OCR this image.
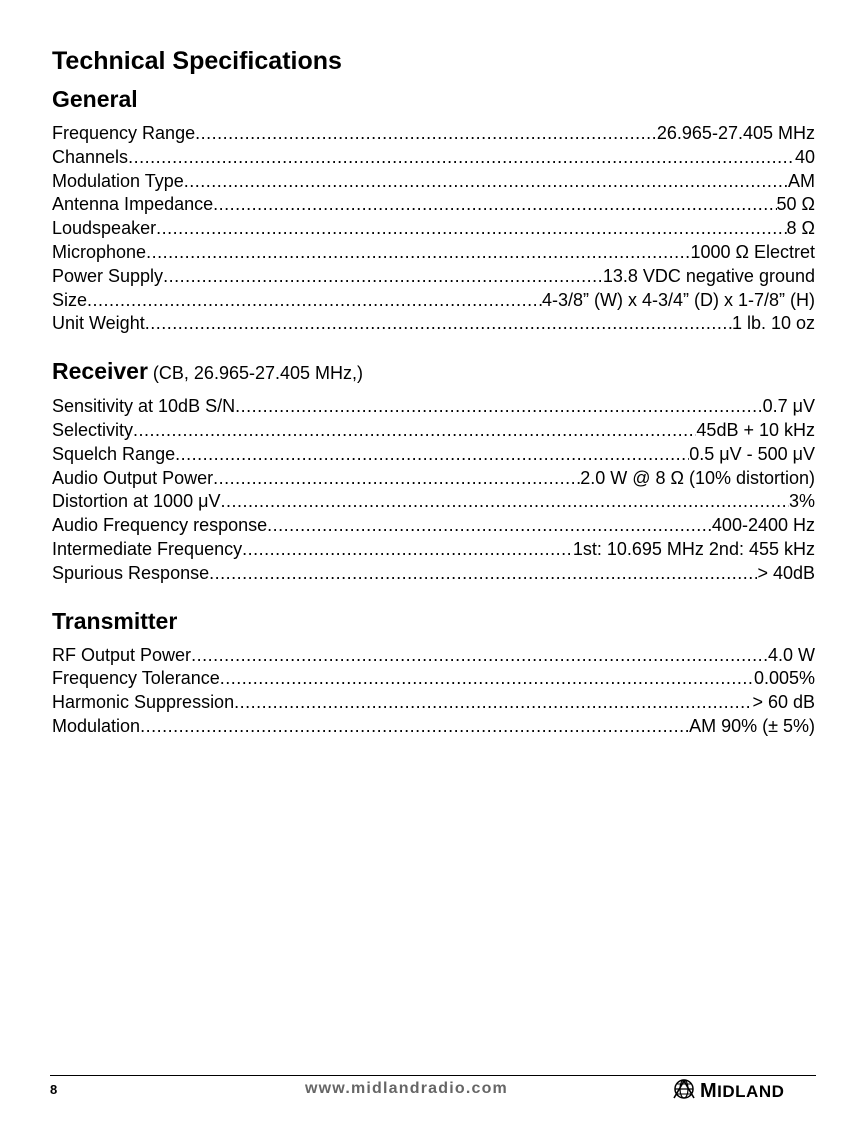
Technical Specifications
General
Frequency Range .....	26.965-27.405 MHz
Channels .....	40
Modulation Type .....	AM
Antenna Impedance .....	50 Ω
Loudspeaker .....	8 Ω
Microphone .....	1000 Ω Electret
Power Supply .....	13.8 VDC negative ground
Size .....	4-3/8” (W) x 4-3/4” (D) x 1-7/8” (H)
Unit Weight .....	1 lb. 10 oz
Receiver (CB, 26.965-27.405 MHz,)
Sensitivity at 10dB S/N .....	0.7 μV
Selectivity .....	45dB + 10 kHz
Squelch Range .....	0.5 μV - 500 μV
Audio Output Power .....	2.0 W @ 8 Ω (10% distortion)
Distortion at 1000 μV .....	3%
Audio Frequency response .....	400-2400 Hz
Intermediate Frequency .....	1st: 10.695 MHz 2nd: 455 kHz
Spurious Response .....	> 40dB
Transmitter
RF Output Power .....	4.0 W
Frequency Tolerance .....	0.005%
Harmonic Suppression .....	> 60 dB
Modulation .....	AM 90% (± 5%)
8	www.midlandradio.com	MIDLAND
